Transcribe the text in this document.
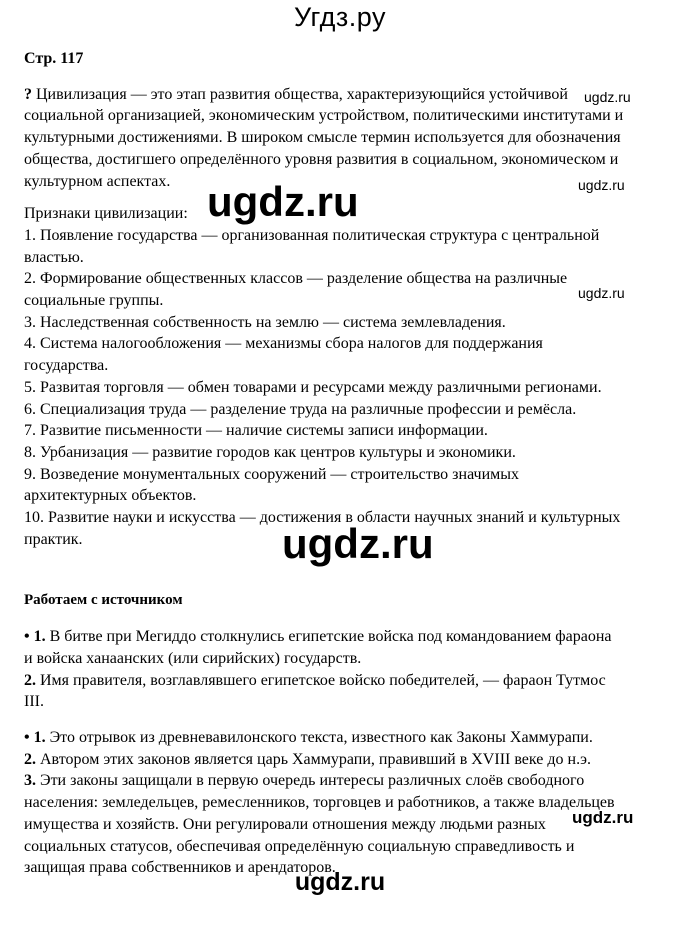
Угдз.ру

Стр. 117

? Цивилизация — это этап развития общества, характеризующийся устойчивой социальной организацией, экономическим устройством, политическими институтами и культурными достижениями. В широком смысле термин используется для обозначения общества, достигшего определённого уровня развития в социальном, экономическом и культурном аспектах.

Признаки цивилизации:

1. Появление государства — организованная политическая структура с центральной властью.

2. Формирование общественных классов — разделение общества на различные социальные группы.

3. Наследственная собственность на землю — система землевладения.

4. Система налогообложения — механизмы сбора налогов для поддержания государства.

5. Развитая торговля — обмен товарами и ресурсами между различными регионами.

6. Специализация труда — разделение труда на различные профессии и ремёсла.

7. Развитие письменности — наличие системы записи информации.

8. Урбанизация — развитие городов как центров культуры и экономики.

9. Возведение монументальных сооружений — строительство значимых архитектурных объектов.

10. Развитие науки и искусства — достижения в области научных знаний и культурных практик.

Работаем с источником

• 1. В битве при Мегиддо столкнулись египетские войска под командованием фараона и войска ханаанских (или сирийских) государств.

2. Имя правителя, возглавлявшего египетское войско победителей, — фараон Тутмос III.

• 1. Это отрывок из древневавилонского текста, известного как Законы Хаммурапи.

2. Автором этих законов является царь Хаммурапи, правивший в XVIII веке до н.э.

3. Эти законы защищали в первую очередь интересы различных слоёв свободного населения: земледельцев, ремесленников, торговцев и работников, а также владельцев имущества и хозяйств. Они регулировали отношения между людьми разных социальных статусов, обеспечивая определённую социальную справедливость и защищая права собственников и арендаторов.

ugdz.ru
ugdz.ru
ugdz.ru
ugdz.ru
ugdz.ru
ugdz.ru
ugdz.ru
